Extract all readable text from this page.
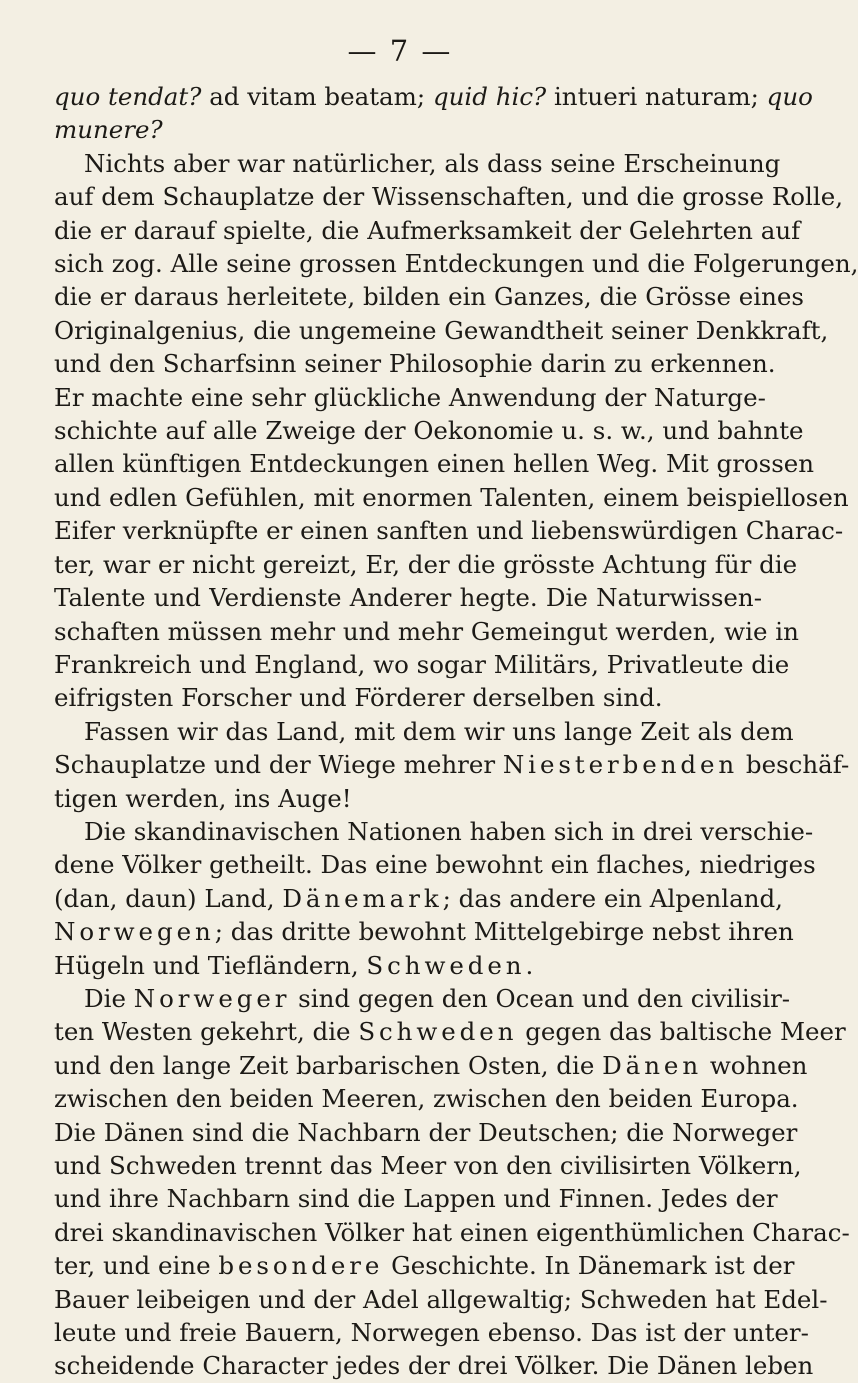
— 7 —
quo tendat? ad vitam beatam; quid hic? intueri naturam; quo
munere?
Nichts aber war natürlicher, als dass seine Erscheinung
auf dem Schauplatze der Wissenschaften, und die grosse Rolle,
die er darauf spielte, die Aufmerksamkeit der Gelehrten auf
sich zog. Alle seine grossen Entdeckungen und die Folgerungen,
die er daraus herleitete, bilden ein Ganzes, die Grösse eines
Originalgenius, die ungemeine Gewandtheit seiner Denkkraft,
und den Scharfsinn seiner Philosophie darin zu erkennen.
Er machte eine sehr glückliche Anwendung der Naturge-
schichte auf alle Zweige der Oekonomie u. s. w., und bahnte
allen künftigen Entdeckungen einen hellen Weg. Mit grossen
und edlen Gefühlen, mit enormen Talenten, einem beispiellosen
Eifer verknüpfte er einen sanften und liebenswürdigen Charac-
ter, war er nicht gereizt, Er, der die grösste Achtung für die
Talente und Verdienste Anderer hegte. Die Naturwissen-
schaften müssen mehr und mehr Gemeingut werden, wie in
Frankreich und England, wo sogar Militärs, Privatleute die
eifrigsten Forscher und Förderer derselben sind.
Fassen wir das Land, mit dem wir uns lange Zeit als dem
Schauplatze und der Wiege mehrer Niesterbenden beschäf-
tigen werden, ins Auge!
Die skandinavischen Nationen haben sich in drei verschie-
dene Völker getheilt. Das eine bewohnt ein flaches, niedriges
(dan, daun) Land, Dänemark; das andere ein Alpenland,
Norwegen; das dritte bewohnt Mittelgebirge nebst ihren
Hügeln und Tiefländern, Schweden.
Die Norweger sind gegen den Ocean und den civilisir-
ten Westen gekehrt, die Schweden gegen das baltische Meer
und den lange Zeit barbarischen Osten, die Dänen wohnen
zwischen den beiden Meeren, zwischen den beiden Europa.
Die Dänen sind die Nachbarn der Deutschen; die Norweger
und Schweden trennt das Meer von den civilisirten Völkern,
und ihre Nachbarn sind die Lappen und Finnen. Jedes der
drei skandinavischen Völker hat einen eigenthümlichen Charac-
ter, und eine besondere Geschichte. In Dänemark ist der
Bauer leibeigen und der Adel allgewaltig; Schweden hat Edel-
leute und freie Bauern, Norwegen ebenso. Das ist der unter-
scheidende Character jedes der drei Völker. Die Dänen leben
